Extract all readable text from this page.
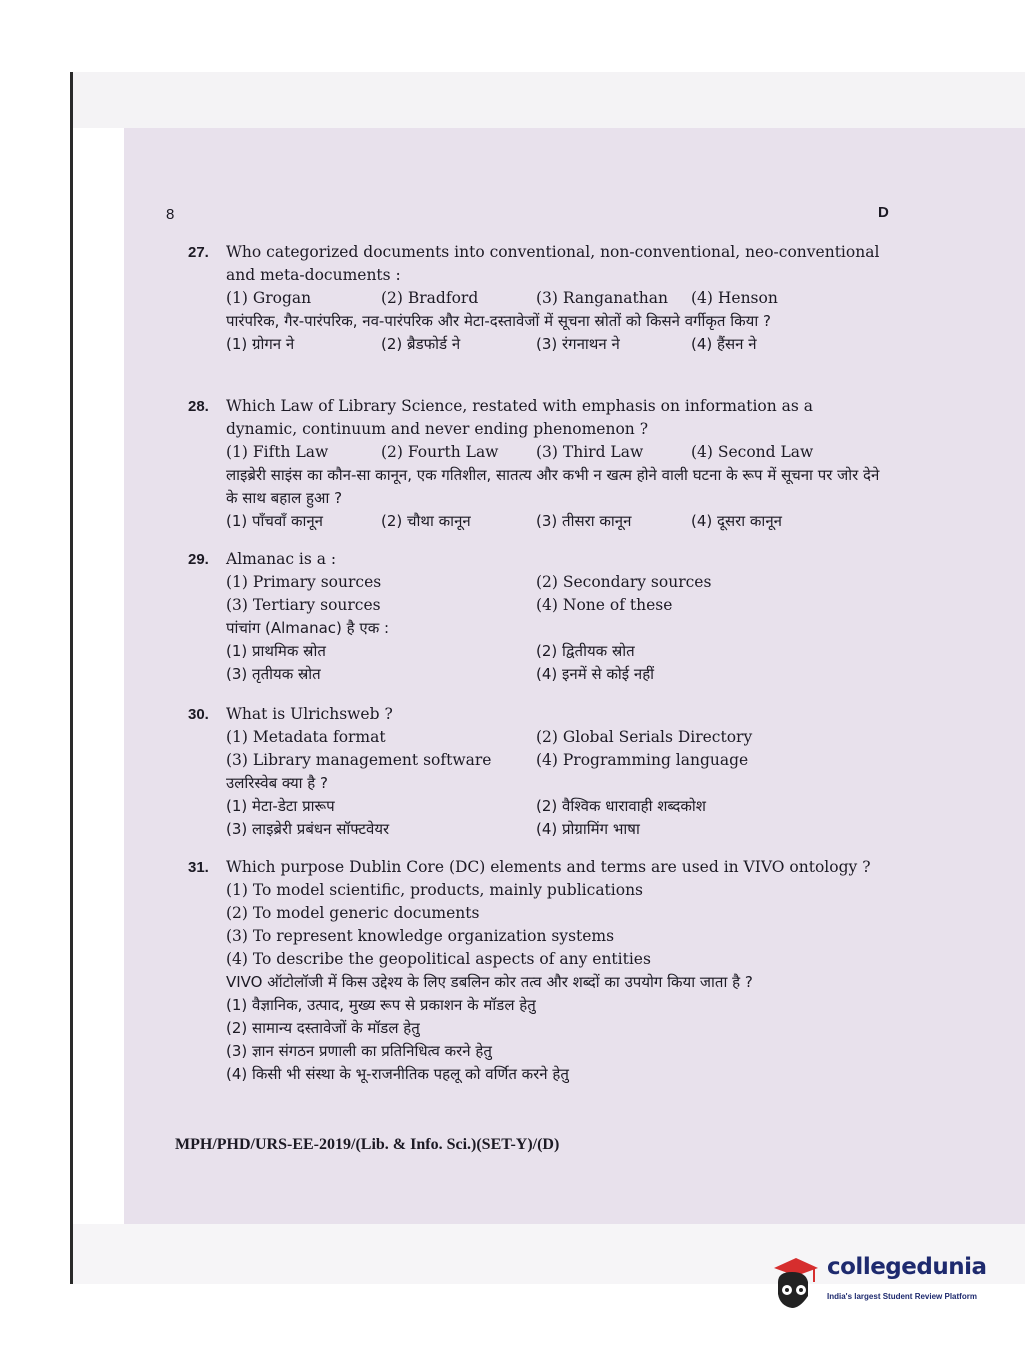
8	D
27. Who categorized documents into conventional, non-conventional, neo-conventional and meta-documents :
(1) Grogan	(2) Bradford	(3) Ranganathan (4) Henson
पारंपरिक, गैर-पारंपरिक, नव-पारंपरिक और मेटा-दस्तावेजों में सूचना स्रोतों को किसने वर्गीकृत किया ?
(1) ग्रोगन ने	(2) ब्रैडफोर्ड ने	(3) रंगनाथन ने	(4) हैंसन ने
28. Which Law of Library Science, restated with emphasis on information as a dynamic, continuum and never ending phenomenon ?
(1) Fifth Law	(2) Fourth Law (3) Third Law	(4) Second Law
लाइब्रेरी साइंस का कौन-सा कानून, एक गतिशील, सातत्य और कभी न खत्म होने वाली घटना के रूप में सूचना पर जोर देने के साथ बहाल हुआ ?
(1) पाँचवाँ कानून	(2) चौथा कानून	(3) तीसरा कानून	(4) दूसरा कानून
29. Almanac is a :
(1) Primary sources	(2) Secondary sources
(3) Tertiary sources	(4) None of these
पांचांग (Almanac) है एक :
(1) प्राथमिक स्रोत	(2) द्वितीयक स्रोत
(3) तृतीयक स्रोत	(4) इनमें से कोई नहीं
30. What is Ulrichsweb ?
(1) Metadata format	(2) Global Serials Directory
(3) Library management software	(4) Programming language
उलरिस्वेब क्या है ?
(1) मेटा-डेटा प्रारूप	(2) वैश्विक धारावाही शब्दकोश
(3) लाइब्रेरी प्रबंधन सॉफ्टवेयर	(4) प्रोग्रामिंग भाषा
31. Which purpose Dublin Core (DC) elements and terms are used in VIVO ontology ?
(1) To model scientific, products, mainly publications
(2) To model generic documents
(3) To represent knowledge organization systems
(4) To describe the geopolitical aspects of any entities
VIVO ऑटोलॉजी में किस उद्देश्य के लिए डबलिन कोर तत्व और शब्दों का उपयोग किया जाता है ?
(1) वैज्ञानिक, उत्पाद, मुख्य रूप से प्रकाशन के मॉडल हेतु
(2) सामान्य दस्तावेजों के मॉडल हेतु
(3) ज्ञान संगठन प्रणाली का प्रतिनिधित्व करने हेतु
(4) किसी भी संस्था के भू-राजनीतिक पहलू को वर्णित करने हेतु
MPH/PHD/URS-EE-2019/(Lib. & Info. Sci.)(SET-Y)/(D)
collegedunia
India's largest Student Review Platform
